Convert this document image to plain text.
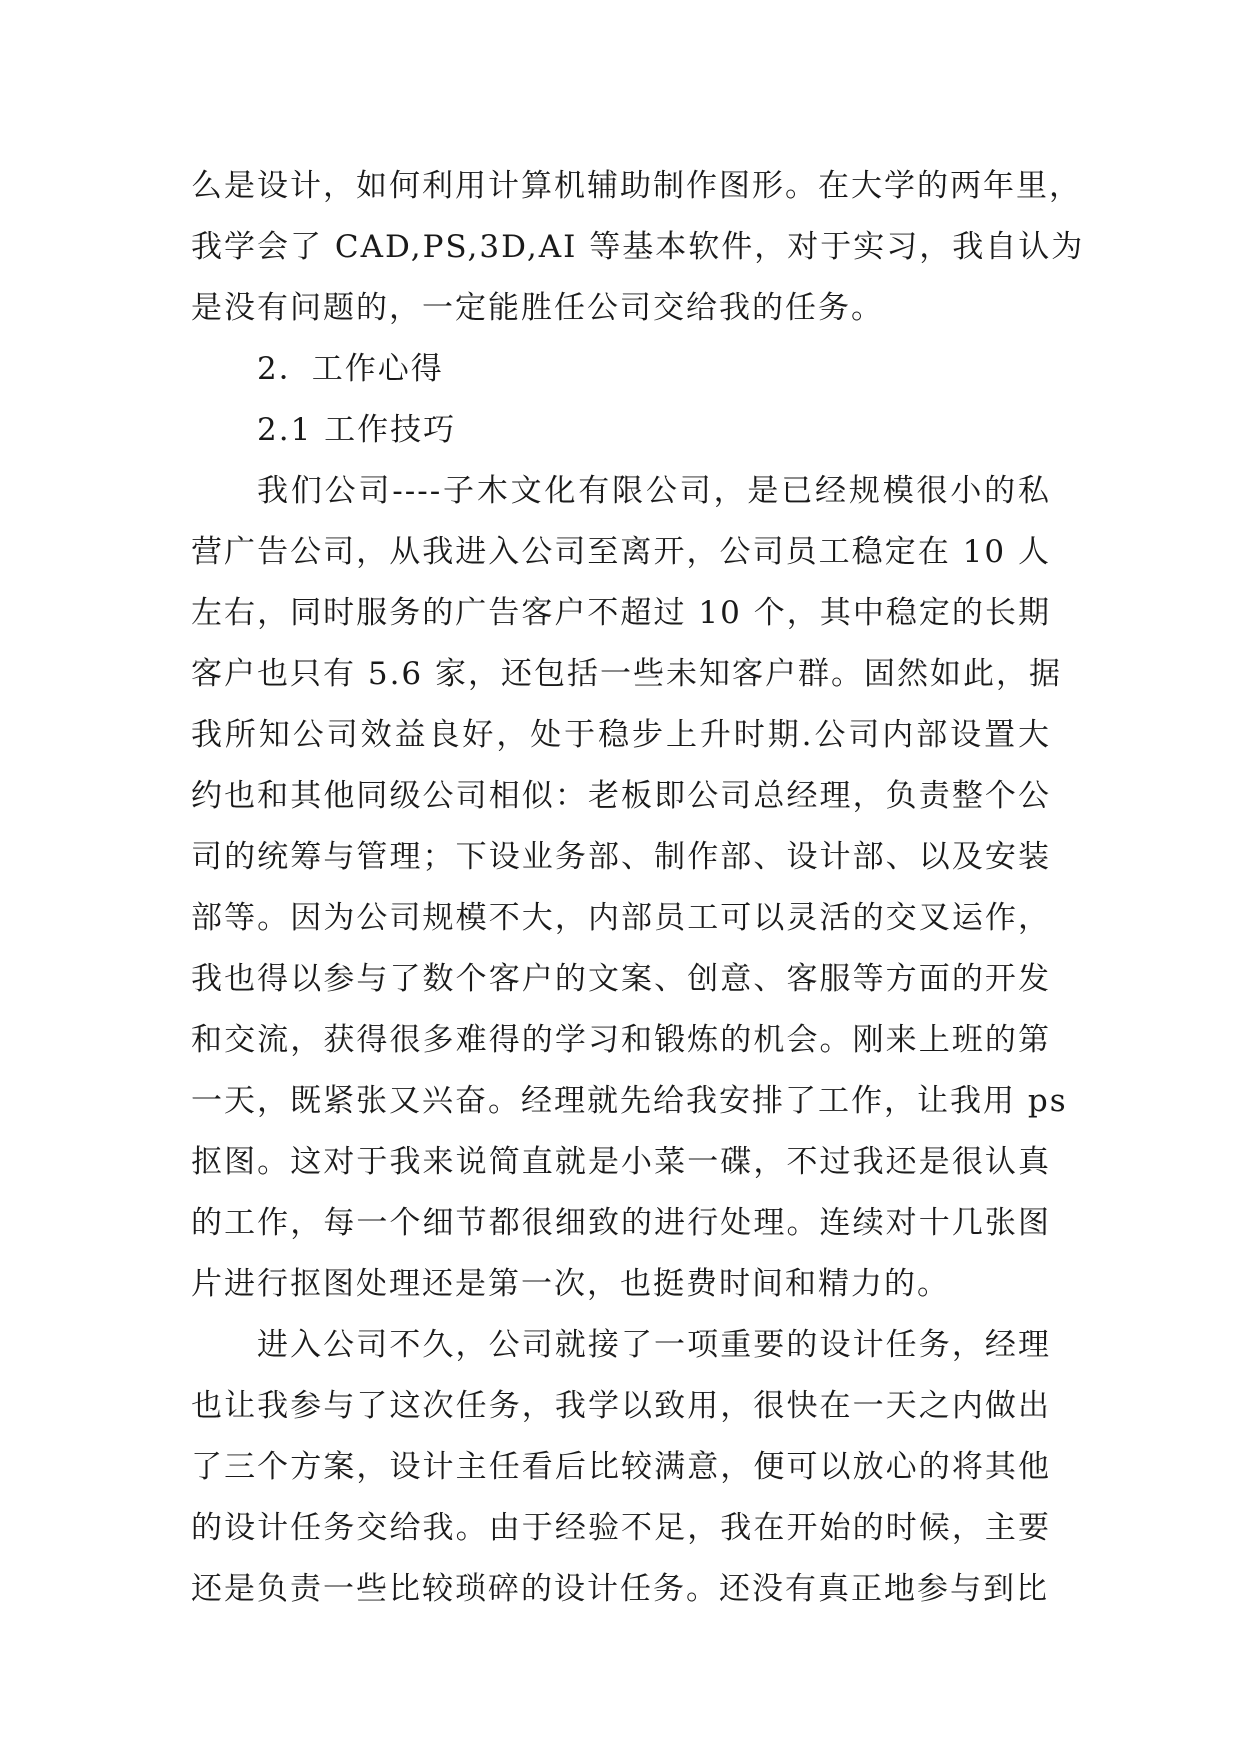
么是设计，如何利用计算机辅助制作图形。在大学的两年里，
我学会了 CAD,PS,3D,AI 等基本软件，对于实习，我自认为
是没有问题的，一定能胜任公司交给我的任务。
2．工作心得
2.1 工作技巧
我们公司----子木文化有限公司，是已经规模很小的私
营广告公司，从我进入公司至离开，公司员工稳定在 10 人
左右，同时服务的广告客户不超过 10 个，其中稳定的长期
客户也只有 5.6 家，还包括一些未知客户群。固然如此，据
我所知公司效益良好，处于稳步上升时期.公司内部设置大
约也和其他同级公司相似：老板即公司总经理，负责整个公
司的统筹与管理；下设业务部、制作部、设计部、以及安装
部等。因为公司规模不大，内部员工可以灵活的交叉运作，
我也得以参与了数个客户的文案、创意、客服等方面的开发
和交流，获得很多难得的学习和锻炼的机会。刚来上班的第
一天，既紧张又兴奋。经理就先给我安排了工作，让我用 ps
抠图。这对于我来说简直就是小菜一碟，不过我还是很认真
的工作，每一个细节都很细致的进行处理。连续对十几张图
片进行抠图处理还是第一次，也挺费时间和精力的。
进入公司不久，公司就接了一项重要的设计任务，经理
也让我参与了这次任务，我学以致用，很快在一天之内做出
了三个方案，设计主任看后比较满意，便可以放心的将其他
的设计任务交给我。由于经验不足，我在开始的时候，主要
还是负责一些比较琐碎的设计任务。还没有真正地参与到比
